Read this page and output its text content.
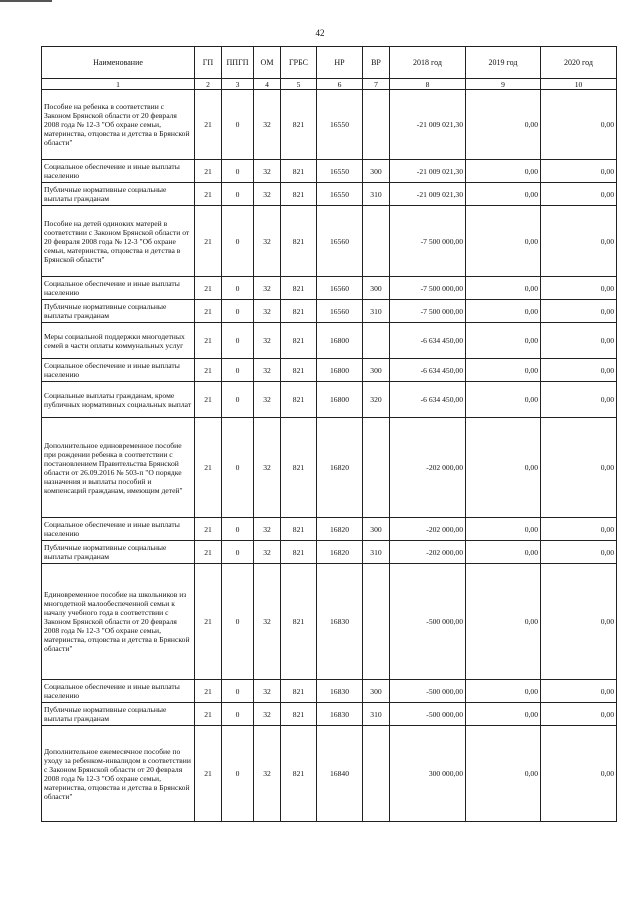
42
Наименование	ГП	ППГП	ОМ	ГРБС	НР	ВР	2018 год	2019 год	2020 год
1	2	3	4	5	6	7	8	9	10
Пособие на ребенка в соответствии с Законом Брянской области от 20 февраля 2008 года № 12-3 "Об охране семьи, материнства, отцовства и детства в Брянской области"	21	0	32	821	16550		-21 009 021,30	0,00	0,00
Социальное обеспечение и иные выплаты населению	21	0	32	821	16550	300	-21 009 021,30	0,00	0,00
Публичные нормативные социальные выплаты гражданам	21	0	32	821	16550	310	-21 009 021,30	0,00	0,00
Пособие на детей одиноких матерей в соответствии с Законом Брянской области от 20 февраля 2008 года № 12-3 "Об охране семьи, материнства, отцовства и детства в Брянской области"	21	0	32	821	16560		-7 500 000,00	0,00	0,00
Социальное обеспечение и иные выплаты населению	21	0	32	821	16560	300	-7 500 000,00	0,00	0,00
Публичные нормативные социальные выплаты гражданам	21	0	32	821	16560	310	-7 500 000,00	0,00	0,00
Меры социальной поддержки многодетных семей в части оплаты коммунальных услуг	21	0	32	821	16800		-6 634 450,00	0,00	0,00
Социальное обеспечение и иные выплаты населению	21	0	32	821	16800	300	-6 634 450,00	0,00	0,00
Социальные выплаты гражданам, кроме публичных нормативных социальных выплат	21	0	32	821	16800	320	-6 634 450,00	0,00	0,00
Дополнительное единовременное пособие при рождении ребенка в соответствии с постановлением Правительства Брянской области от 26.09.2016 № 503-п "О порядке назначения и выплаты пособий и компенсаций гражданам, имеющим детей"	21	0	32	821	16820		-202 000,00	0,00	0,00
Социальное обеспечение и иные выплаты населению	21	0	32	821	16820	300	-202 000,00	0,00	0,00
Публичные нормативные социальные выплаты гражданам	21	0	32	821	16820	310	-202 000,00	0,00	0,00
Единовременное пособие на школьников из многодетной малообеспеченной семьи к началу учебного года в соответствии с Законом Брянской области от 20 февраля 2008 года № 12-3 "Об охране семьи, материнства, отцовства и детства в Брянской области"	21	0	32	821	16830		-500 000,00	0,00	0,00
Социальное обеспечение и иные выплаты населению	21	0	32	821	16830	300	-500 000,00	0,00	0,00
Публичные нормативные социальные выплаты гражданам	21	0	32	821	16830	310	-500 000,00	0,00	0,00
Дополнительное ежемесячное пособие по уходу за ребенком-инвалидом в соответствии с Законом Брянской области от 20 февраля 2008 года № 12-3 "Об охране семьи, материнства, отцовства и детства в Брянской области"	21	0	32	821	16840		300 000,00	0,00	0,00
